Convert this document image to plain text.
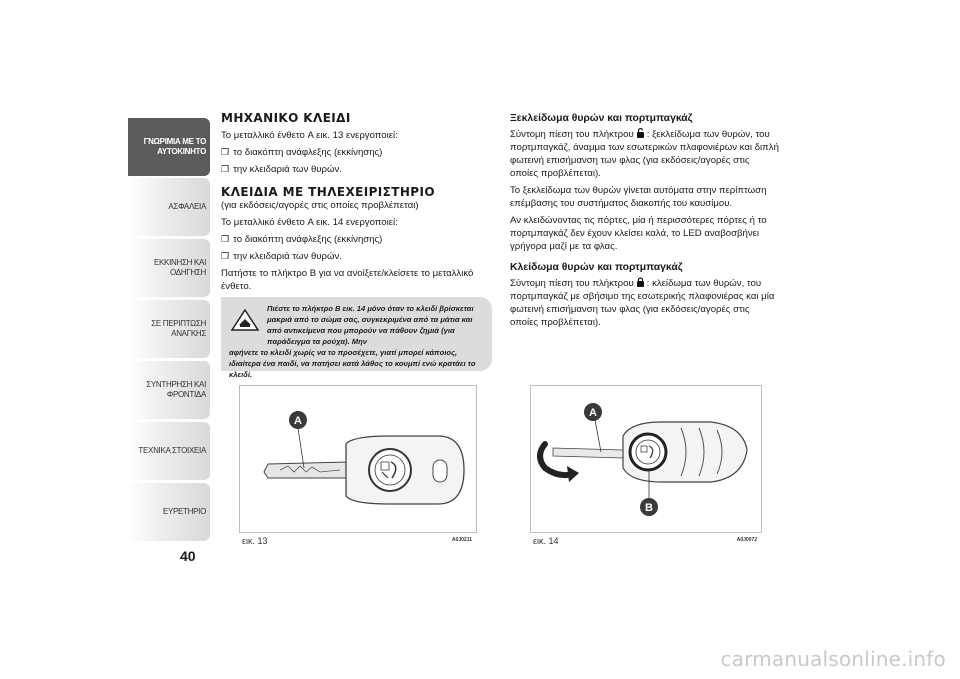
ΓΝΩΡΙΜΙΑ ΜΕ ΤΟ ΑΥΤΟΚΙΝΗΤΟ
ΑΣΦΑΛΕΙΑ
ΕΚΚΙΝΗΣΗ ΚΑΙ ΟΔΗΓΗΣΗ
ΣΕ ΠΕΡΙΠΤΩΣΗ ΑΝΑΓΚΗΣ
ΣΥΝΤΗΡΗΣΗ ΚΑΙ ΦΡΟΝΤΙΔΑ
ΤΕΧΝΙΚΑ ΣΤΟΙΧΕΙΑ
ΕΥΡΕΤΗΡΙΟ
40
ΜΗΧΑΝΙΚΟ ΚΛΕΙΔΙ

Το μεταλλικό ένθετο A εικ. 13 ενεργοποιεί:

❒ το διακόπτη ανάφλεξης (εκκίνησης)
❒ την κλειδαριά των θυρών.
ΚΛΕΙΔΙΑ ΜΕ ΤΗΛΕΧΕΙΡΙΣΤΗΡΙΟ

(για εκδόσεις/αγορές στις οποίες προβλέπεται)

Το μεταλλικό ένθετο A εικ. 14 ενεργοποιεί:

❒ το διακόπτη ανάφλεξης (εκκίνησης)
❒ την κλειδαριά των θυρών.

Πατήστε το πλήκτρο B για να ανοίξετε/κλείσετε το μεταλλικό ένθετο.

Πιέστε το πλήκτρο B εικ. 14 μόνο όταν το κλειδί βρίσκεται μακριά από το σώμα σας, συγκεκριμένα από τα μάτια και από αντικείμενα που μπορούν να πάθουν ζημιά (για παράδειγμα τα ρούχα). Μην
αφήνετε το κλειδί χωρίς να το προσέχετε, γιατί μπορεί κάποιος, ιδιαίτερα ένα παιδί, να πατήσει κατά λάθος το κουμπί ενώ κρατάει το κλειδί.
Ξεκλείδωμα θυρών και πορτμπαγκάζ

Σύντομη πίεση του πλήκτρου : ξεκλείδωμα των θυρών, του πορτμπαγκάζ, άναμμα των εσωτερικών πλαφονιέρων και διπλή φωτεινή επισήμανση των φλας (για εκδόσεις/αγορές στις οποίες προβλέπεται).

Το ξεκλείδωμα των θυρών γίνεται αυτόματα στην περίπτωση επέμβασης του συστήματος διακοπής του καυσίμου.

Αν κλειδώνοντας τις πόρτες, μία ή περισσότερες πόρτες ή το πορτμπαγκάζ δεν έχουν κλείσει καλά, το LED αναβοσβήνει γρήγορα μαζί με τα φλας.

Κλείδωμα θυρών και πορτμπαγκάζ

Σύντομη πίεση του πλήκτρου : κλείδωμα των θυρών, του πορτμπαγκάζ με σβήσιμο της εσωτερικής πλαφονιέρας και μία φωτεινή επισήμανση των φλας (για εκδόσεις/αγορές στις οποίες προβλέπεται).

A
εικ. 13	A0J0211
A
B
εικ. 14	A0J0072
carmanualsonline.info
